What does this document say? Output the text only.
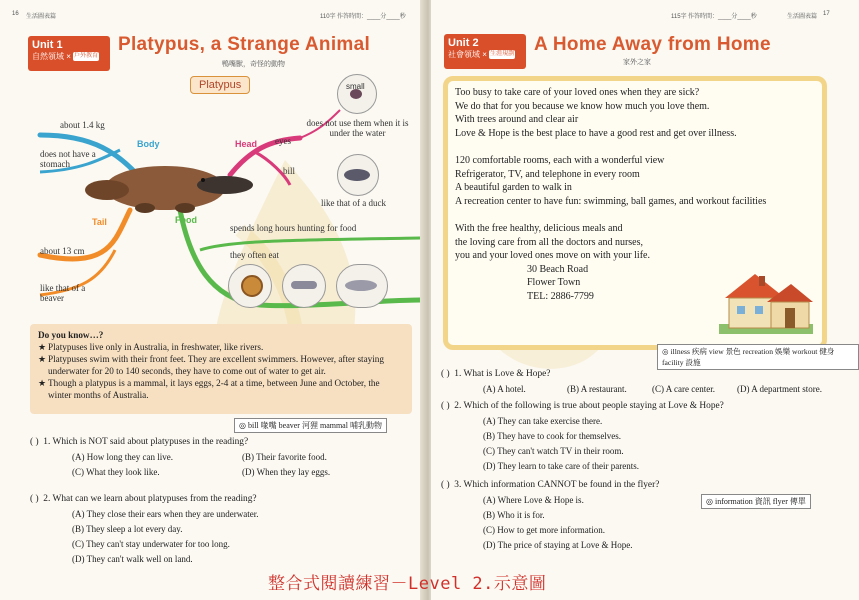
16 生活圖表篇	110字 作答時間：____分____秒
Unit 1
自然領域 × 戶外教育
Platypus, a Strange Animal
鴨嘴獸，奇怪的動物
Platypus
Body	Head
Tail	Food
about 1.4 kg
does not have a stomach
eyes
bill
small
does not use them when it is under the water
like that of a duck
about 13 cm
like that of a beaver
spends long hours hunting for food
they often eat
Do you know…?
★ Platypuses live only in Australia, in freshwater, like rivers.
★ Platypuses swim with their front feet. They are excellent swimmers. However, after staying underwater for 20 to 140 seconds, they have to come out of water to get air.
★ Though a platypus is a mammal, it lays eggs, 2-4 at a time, between June and October, the winter months of Australia.
◎ bill 喙嘴 beaver 河狸 mammal 哺乳動物
( ) 1. Which is NOT said about platypuses in the reading?
(A) How long they can live.	(B) Their favorite food.
(C) What they look like.	(D) When they lay eggs.
( ) 2. What can we learn about platypuses from the reading?
(A) They close their ears when they are underwater.
(B) They sleep a lot every day.
(C) They can't stay underwater for too long.
(D) They can't walk well on land.
115字 作答時間：____分____秒	生活圖表篇 17
Unit 2
社會領域 × 生涯規劃	A Home Away from Home
家外之家
Too busy to take care of your loved ones when they are sick?
We do that for you because we know how much you love them.
With trees around and clear air
Love & Hope is the best place to have a good rest and get over illness.
120 comfortable rooms, each with a wonderful view
Refrigerator, TV, and telephone in every room
A beautiful garden to walk in
A recreation center to have fun: swimming, ball games, and workout facilities
With the free healthy, delicious meals and
the loving care from all the doctors and nurses,
you and your loved ones move on with your life.
30 Beach Road
Flower Town
TEL: 2886-7799
◎ illness 疾病 view 景色 recreation 娛樂 workout 健身 facility 設施
( ) 1. What is Love & Hope?
(A) A hotel.	(B) A restaurant.	(C) A care center. (D) A department store.
( ) 2. Which of the following is true about people staying at Love & Hope?
(A) They can take exercise there.
(B) They have to cook for themselves.
(C) They can't watch TV in their room.
(D) They learn to take care of their parents.
◎ information 資訊 flyer 傳單
( ) 3. Which information CANNOT be found in the flyer?
(A) Where Love & Hope is.
(B) Who it is for.
(C) How to get more information.
(D) The price of staying at Love & Hope.
整合式閱讀練習－Level 2.示意圖
